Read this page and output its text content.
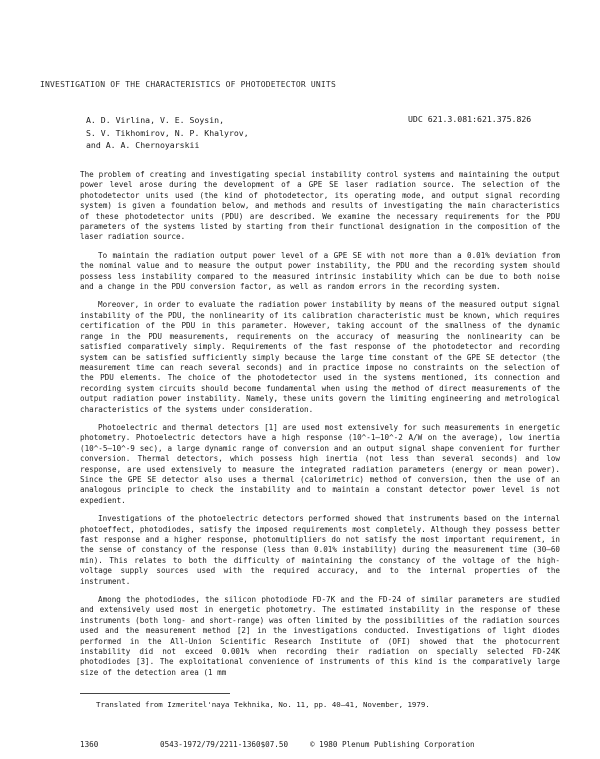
INVESTIGATION OF THE CHARACTERISTICS OF PHOTODETECTOR UNITS
A. D. Virlina, V. E. Soysin,
S. V. Tikhomirov, N. P. Khalyrov,
and A. A. Chernoyarskii
UDC 621.3.081:621.375.826
The problem of creating and investigating special instability control systems and maintaining the output power level arose during the development of a GPE SE laser radiation source. The selection of the photodetector units used (the kind of photodetector, its operating mode, and output signal recording system) is given a foundation below, and methods and results of investigating the main characteristics of these photodetector units (PDU) are described. We examine the necessary requirements for the PDU parameters of the systems listed by starting from their functional designation in the composition of the laser radiation source.
To maintain the radiation output power level of a GPE SE with not more than a 0.01% deviation from the nominal value and to measure the output power instability, the PDU and the recording system should possess less instability compared to the measured intrinsic instability which can be due to both noise and a change in the PDU conversion factor, as well as random errors in the recording system.
Moreover, in order to evaluate the radiation power instability by means of the measured output signal instability of the PDU, the nonlinearity of its calibration characteristic must be known, which requires certification of the PDU in this parameter. However, taking account of the smallness of the dynamic range in the PDU measurements, requirements on the accuracy of measuring the nonlinearity can be satisfied comparatively simply. Requirements of the fast response of the photodetector and recording system can be satisfied sufficiently simply because the large time constant of the GPE SE detector (the measurement time can reach several seconds) and in practice impose no constraints on the selection of the PDU elements. The choice of the photodetector used in the systems mentioned, its connection and recording system circuits should become fundamental when using the method of direct measurements of the output radiation power instability. Namely, these units govern the limiting engineering and metrological characteristics of the systems under consideration.
Photoelectric and thermal detectors [1] are used most extensively for such measurements in energetic photometry. Photoelectric detectors have a high response (10^-1–10^-2 A/W on the average), low inertia (10^-5–10^-9 sec), a large dynamic range of conversion and an output signal shape convenient for further conversion. Thermal detectors, which possess high inertia (not less than several seconds) and low response, are used extensively to measure the integrated radiation parameters (energy or mean power). Since the GPE SE detector also uses a thermal (calorimetric) method of conversion, then the use of an analogous principle to check the instability and to maintain a constant detector power level is not expedient.
Investigations of the photoelectric detectors performed showed that instruments based on the internal photoeffect, photodiodes, satisfy the imposed requirements most completely. Although they possess better fast response and a higher response, photomultipliers do not satisfy the most important requirement, in the sense of constancy of the response (less than 0.01% instability) during the measurement time (30–60 min). This relates to both the difficulty of maintaining the constancy of the voltage of the high-voltage supply sources used with the required accuracy, and to the internal properties of the instrument.
Among the photodiodes, the silicon photodiode FD-7K and the FD-24 of similar parameters are studied and extensively used most in energetic photometry. The estimated instability in the response of these instruments (both long- and short-range) was often limited by the possibilities of the radiation sources used and the measurement method [2] in the investigations conducted. Investigations of light diodes performed in the All-Union Scientific Research Institute of (OFI) showed that the photocurrent instability did not exceed 0.001% when recording their radiation on specially selected FD-24K photodiodes [3]. The exploitational convenience of instruments of this kind is the comparatively large size of the detection area (1 mm
Translated from Izmeritel'naya Tekhnika, No. 11, pp. 40–41, November, 1979.
1360	0543-1972/79/2211-1360$07.50	© 1980 Plenum Publishing Corporation
